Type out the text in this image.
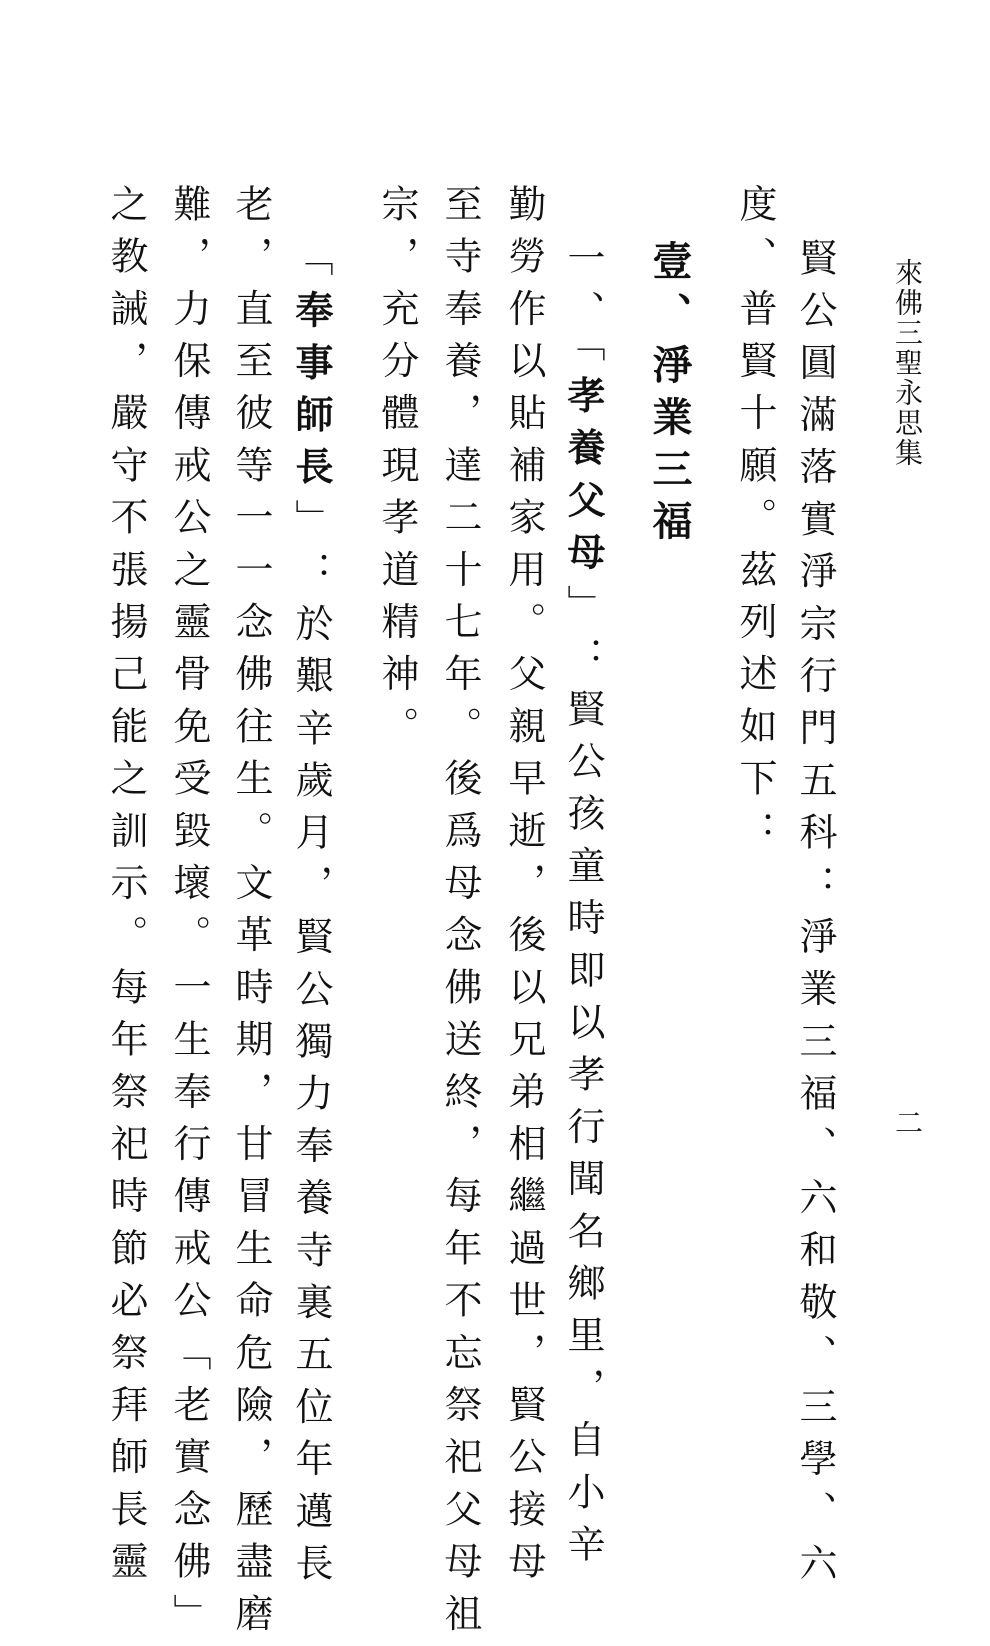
來佛三聖永思集
二
賢公圓滿落實淨宗行門五科：淨業三福、六和敬、三學、六
度、普賢十願。茲列述如下：
壹、淨業三福
一、「孝養父母」：賢公孩童時即以孝行聞名鄉里，自小辛
勤勞作以貼補家用。父親早逝，後以兄弟相繼過世，賢公接母
至寺奉養，達二十七年。後爲母念佛送終，每年不忘祭祀父母祖
宗，充分體現孝道精神。
「奉事師長」：於艱辛歲月，賢公獨力奉養寺裏五位年邁長
老，直至彼等一一念佛往生。文革時期，甘冒生命危險，歷盡磨
難，力保傳戒公之靈骨免受毀壞。一生奉行傳戒公「老實念佛」
之教誡，嚴守不張揚己能之訓示。每年祭祀時節必祭拜師長靈
